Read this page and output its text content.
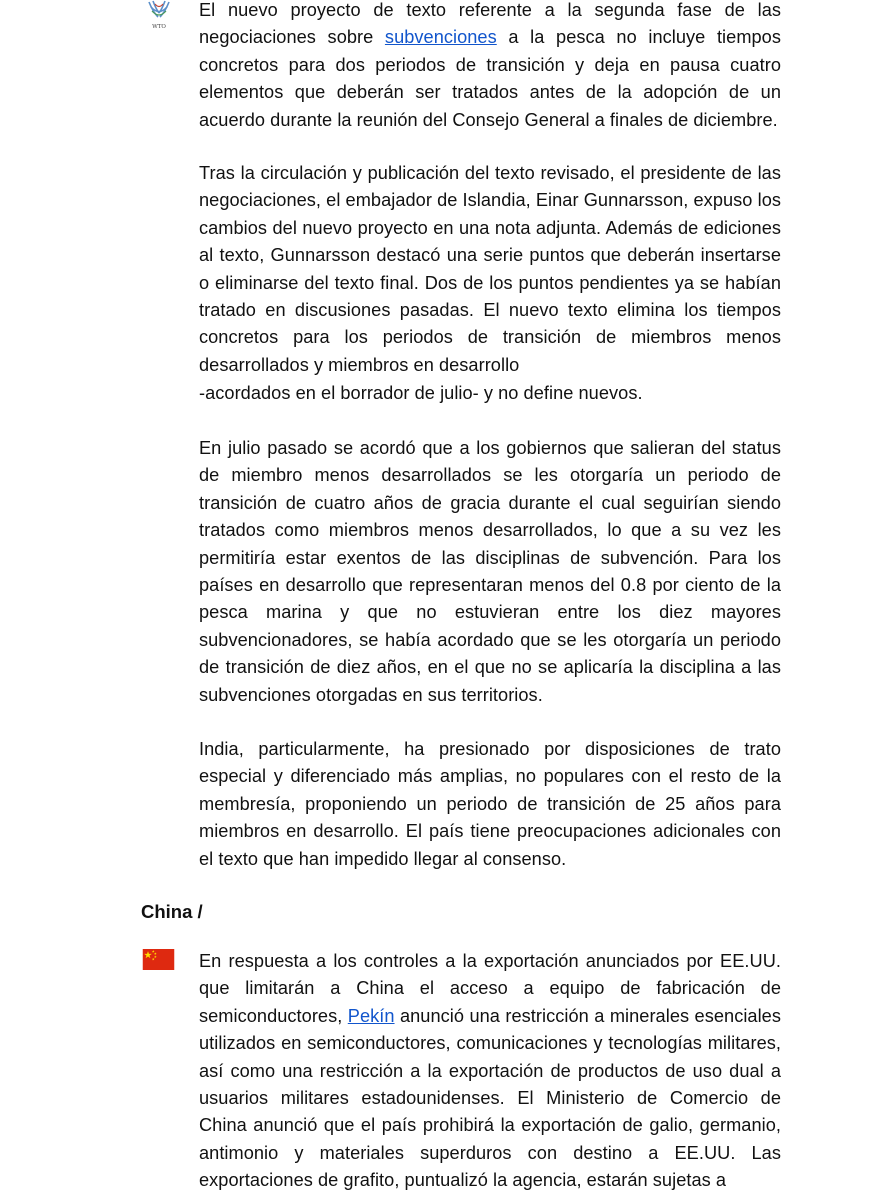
WTO

El nuevo proyecto de texto referente a la segunda fase de las negociaciones sobre subvenciones a la pesca no incluye tiempos concretos para dos periodos de transición y deja en pausa cuatro elementos que deberán ser tratados antes de la adopción de un acuerdo durante la reunión del Consejo General a finales de diciembre.

Tras la circulación y publicación del texto revisado, el presidente de las negociaciones, el embajador de Islandia, Einar Gunnarsson, expuso los cambios del nuevo proyecto en una nota adjunta. Además de ediciones al texto, Gunnarsson destacó una serie puntos que deberán insertarse o eliminarse del texto final. Dos de los puntos pendientes ya se habían tratado en discusiones pasadas. El nuevo texto elimina los tiempos concretos para los periodos de transición de miembros menos desarrollados y miembros en desarrollo

-acordados en el borrador de julio- y no define nuevos.

En julio pasado se acordó que a los gobiernos que salieran del status de miembro menos desarrollados se les otorgaría un periodo de transición de cuatro años de gracia durante el cual seguirían siendo tratados como miembros menos desarrollados, lo que a su vez les permitiría estar exentos de las disciplinas de subvención. Para los países en desarrollo que representaran menos del 0.8 por ciento de la pesca marina y que no estuvieran entre los diez mayores subvencionadores, se había acordado que se les otorgaría un periodo de transición de diez años, en el que no se aplicaría la disciplina a las subvenciones otorgadas en sus territorios.

India, particularmente, ha presionado por disposiciones de trato especial y diferenciado más amplias, no populares con el resto de la membresía, proponiendo un periodo de transición de 25 años para miembros en desarrollo. El país tiene preocupaciones adicionales con el texto que han impedido llegar al consenso.

China /

En respuesta a los controles a la exportación anunciados por EE.UU. que limitarán a China el acceso a equipo de fabricación de semiconductores, Pekín anunció una restricción a minerales esenciales utilizados en semiconductores, comunicaciones y tecnologías militares, así como una restricción a la exportación de productos de uso dual a usuarios militares estadounidenses. El Ministerio de Comercio de China anunció que el país prohibirá la exportación de galio, germanio, antimonio y materiales superduros con destino a EE.UU. Las exportaciones de grafito, puntualizó la agencia, estarán sujetas a
